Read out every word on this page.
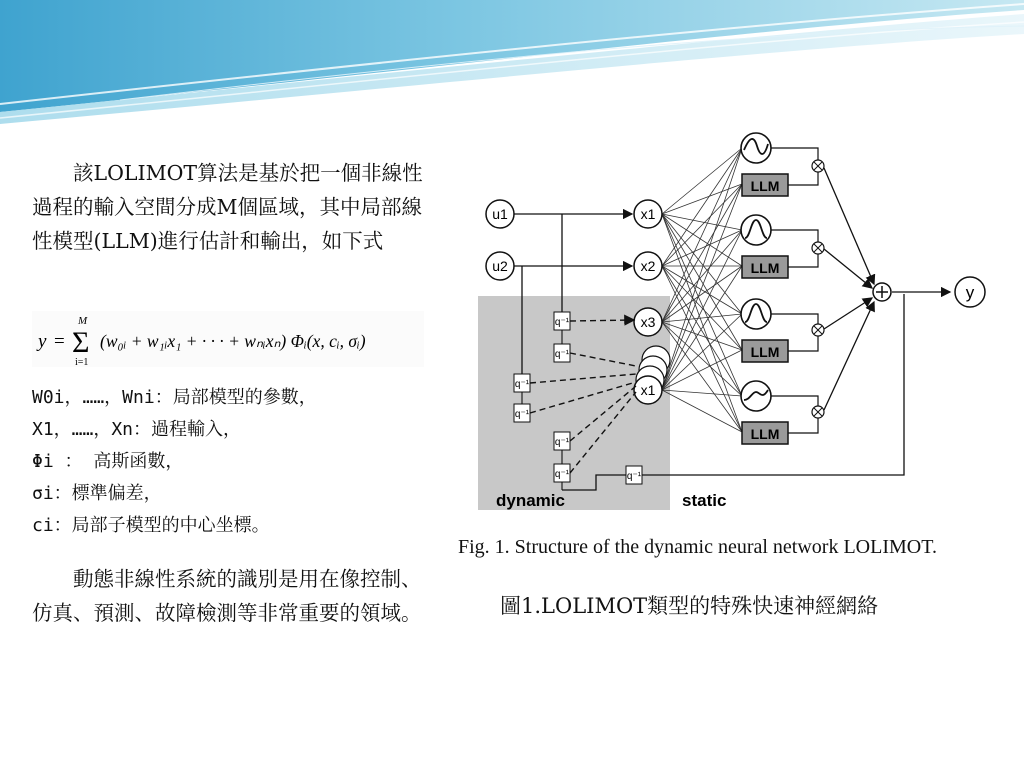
該LOLIMOT算法是基於把一個非線性過程的輸入空間分成M個區域，其中局部線性模型(LLM)進行估計和輸出，如下式

y =
M
Σ
i=1
(w₀ᵢ + w₁ᵢx₁ + · · · + wₙᵢxₙ) Φᵢ(x, cᵢ, σᵢ)
W0i，……，Wni：局部模型的參數，
X1，……，Xn：過程輸入，
Φi ： 高斯函數，
σi：標準偏差，
ci：局部子模型的中心坐標。

動態非線性系統的識別是用在像控制、仿真、預測、故障檢測等非常重要的領域。

dynamic	static
u1
u2
x1
x2
x3
x1
q⁻¹
q⁻¹
q⁻¹
q⁻¹
q⁻¹
q⁻¹	q⁻¹
LLM
LLM
LLM
LLM
y
Fig. 1. Structure of the dynamic neural network LOLIMOT.
圖1.LOLIMOT類型的特殊快速神經網絡
